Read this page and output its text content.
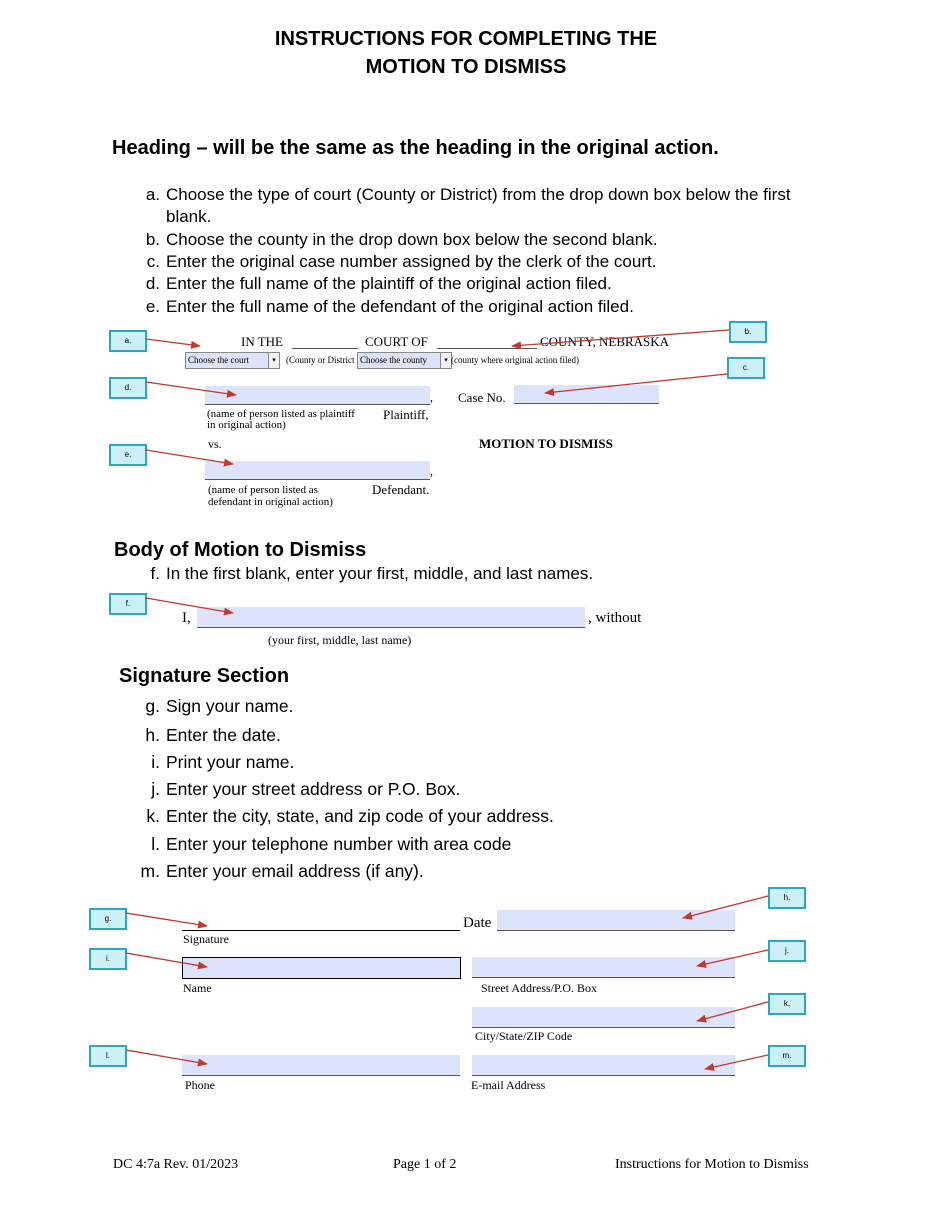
INSTRUCTIONS FOR COMPLETING THE
MOTION TO DISMISS
Heading – will be the same as the heading in the original action.
a. Choose the type of court (County or District) from the drop down box below the first blank.
b. Choose the county in the drop down box below the second blank.
c. Enter the original case number assigned by the clerk of the court.
d. Enter the full name of the plaintiff of the original action filed.
e. Enter the full name of the defendant of the original action filed.
IN THE	COURT OF	COUNTY, NEBRASKA
Choose the court	▾	(County or District Choose the county	▾ (county where original action filed)
, Case No.
(name of person listed as plaintiff
in original action)
Plaintiff,
vs.	MOTION TO DISMISS
,
(name of person listed as
defendant in original action)
Defendant.
a.
b.
c.
d.
e.
Body of Motion to Dismiss
f. In the first blank, enter your first, middle, and last names.
I,	, without
(your first, middle, last name)
f.
Signature Section
g. Sign your name.
h. Enter the date.
i. Print your name.
j. Enter your street address or P.O. Box.
k. Enter the city, state, and zip code of your address.
l. Enter your telephone number with area code
m. Enter your email address (if any).
Signature
Date
Name	Street Address/P.O. Box
City/State/ZIP Code
Phone	E-mail Address
g.
h.
i.
j.
k.
l.	m.
DC 4:7a Rev. 01/2023	Page 1 of 2	Instructions for Motion to Dismiss
